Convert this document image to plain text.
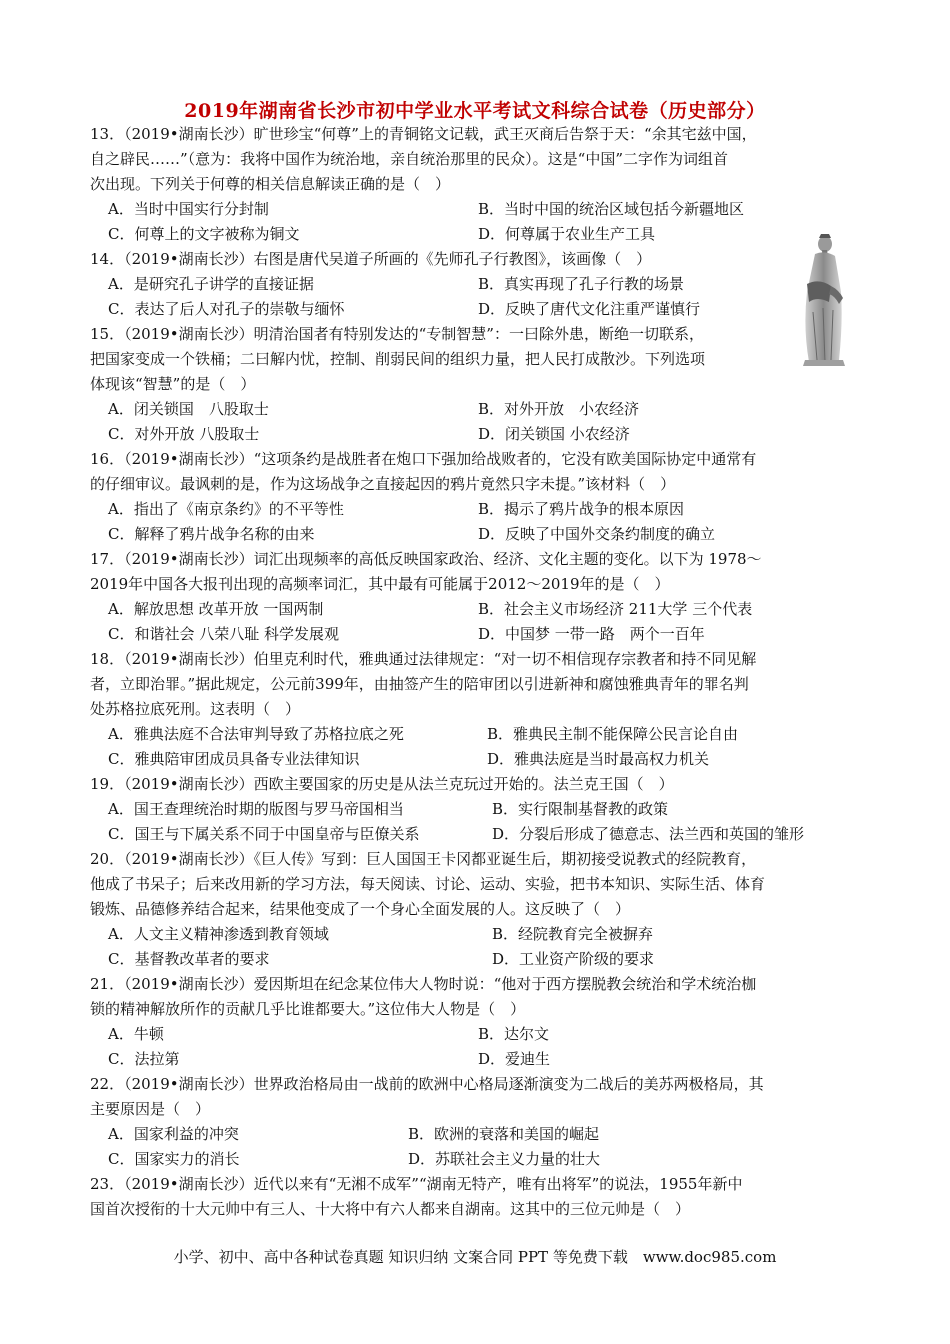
2019年湖南省长沙市初中学业水平考试文科综合试卷（历史部分）
13．（2019•湖南长沙）旷世珍宝“何尊”上的青铜铭文记载，武王灭商后告祭于天：“余其宅兹中国，
自之辟民……”（意为：我将中国作为统治地，亲自统治那里的民众）。这是“中国”二字作为词组首
次出现。下列关于何尊的相关信息解读正确的是（　）
A．当时中国实行分封制	B．当时中国的统治区域包括今新疆地区
C．何尊上的文字被称为铜文	D．何尊属于农业生产工具
14．（2019•湖南长沙）右图是唐代吴道子所画的《先师孔子行教图》，该画像（　）
A．是研究孔子讲学的直接证据	B．真实再现了孔子行教的场景
C．表达了后人对孔子的崇敬与缅怀	D．反映了唐代文化注重严谨慎行
15．（2019•湖南长沙）明清治国者有特别发达的“专制智慧”：一曰除外患，断绝一切联系，
把国家变成一个铁桶；二曰解内忧，控制、削弱民间的组织力量，把人民打成散沙。下列选项
体现该“智慧”的是（　）
A．闭关锁国　八股取士	B．对外开放　小农经济
C．对外开放 八股取士	D．闭关锁国 小农经济
16．（2019•湖南长沙）“这项条约是战胜者在炮口下强加给战败者的，它没有欧美国际协定中通常有
的仔细审议。最讽刺的是，作为这场战争之直接起因的鸦片竟然只字未提。”该材料（　）
A．指出了《南京条约》的不平等性	B．揭示了鸦片战争的根本原因
C．解释了鸦片战争名称的由来	D．反映了中国外交条约制度的确立
17．（2019•湖南长沙）词汇出现频率的高低反映国家政治、经济、文化主题的变化。以下为 1978～
2019年中国各大报刊出现的高频率词汇，其中最有可能属于2012～2019年的是（　）
A．解放思想 改革开放 一国两制	B．社会主义市场经济 211大学 三个代表
C．和谐社会 八荣八耻 科学发展观	D．中国梦 一带一路　两个一百年
18．（2019•湖南长沙）伯里克利时代，雅典通过法律规定：“对一切不相信现存宗教者和持不同见解
者，立即治罪。”据此规定，公元前399年，由抽签产生的陪审团以引进新神和腐蚀雅典青年的罪名判
处苏格拉底死刑。这表明（　）
A．雅典法庭不合法审判导致了苏格拉底之死	B．雅典民主制不能保障公民言论自由
C．雅典陪审团成员具备专业法律知识	D．雅典法庭是当时最高权力机关
19．（2019•湖南长沙）西欧主要国家的历史是从法兰克玩过开始的。法兰克王国（　）
A．国王查理统治时期的版图与罗马帝国相当	B．实行限制基督教的政策
C．国王与下属关系不同于中国皇帝与臣僚关系	D．分裂后形成了德意志、法兰西和英国的雏形
20．（2019•湖南长沙）《巨人传》写到：巨人国国王卡冈都亚诞生后，期初接受说教式的经院教育，
他成了书呆子；后来改用新的学习方法，每天阅读、讨论、运动、实验，把书本知识、实际生活、体育
锻炼、品德修养结合起来，结果他变成了一个身心全面发展的人。这反映了（　）
A．人文主义精神渗透到教育领域	B．经院教育完全被摒弃
C．基督教改革者的要求	D．工业资产阶级的要求
21．（2019•湖南长沙）爱因斯坦在纪念某位伟大人物时说：“他对于西方摆脱教会统治和学术统治枷
锁的精神解放所作的贡献几乎比谁都要大。”这位伟大人物是（　）
A．牛顿	B．达尔文
C．法拉第	D．爱迪生
22．（2019•湖南长沙）世界政治格局由一战前的欧洲中心格局逐渐演变为二战后的美苏两极格局，其
主要原因是（　）
A．国家利益的冲突	B．欧洲的衰落和美国的崛起
C．国家实力的消长	D．苏联社会主义力量的壮大
23．（2019•湖南长沙）近代以来有“无湘不成军”“湖南无特产，唯有出将军”的说法，1955年新中
国首次授衔的十大元帅中有三人、十大将中有六人都来自湖南。这其中的三位元帅是（　）
小学、初中、高中各种试卷真题 知识归纳 文案合同 PPT 等免费下载　www.doc985.com
